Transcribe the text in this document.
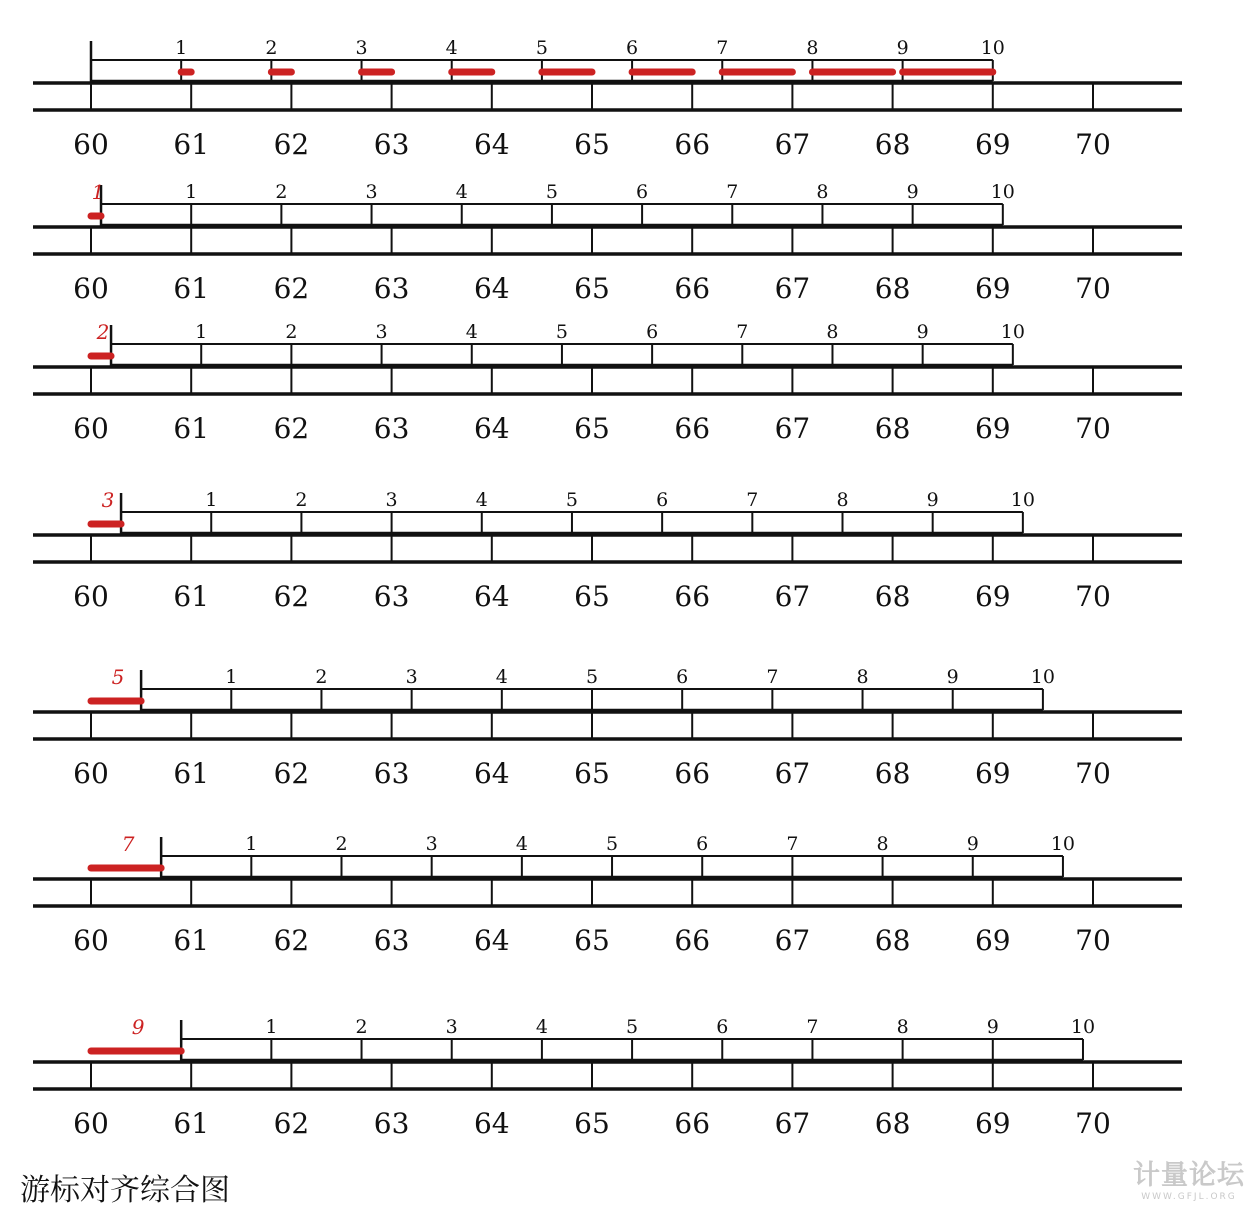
60 61 62 63 64 65 66 67 68 69 70
1	2	3	4	5	6	7	8	9	10
60 61 62 63 64 65 66 67 68 69 70
1	2	3	4	5	6	7	8	9	10
1
60 61 62 63 64 65 66 67 68 69 70
1	2	3	4	5	6	7	8	9	10
2
60 61 62 63 64 65 66 67 68 69 70
1	2	3	4	5	6	7	8	9	10
3
60 61 62 63 64 65 66 67 68 69 70
1	2	3	4	5	6	7	8	9	10
5
60 61 62 63 64 65 66 67 68 69 70
1	2	3	4	5	6	7	8	9	10
7
60 61 62 63 64 65 66 67 68 69 70
1	2	3	4	5	6	7	8	9	10
9
游标对齐综合图	计量论坛
WWW.GFJL.ORG
